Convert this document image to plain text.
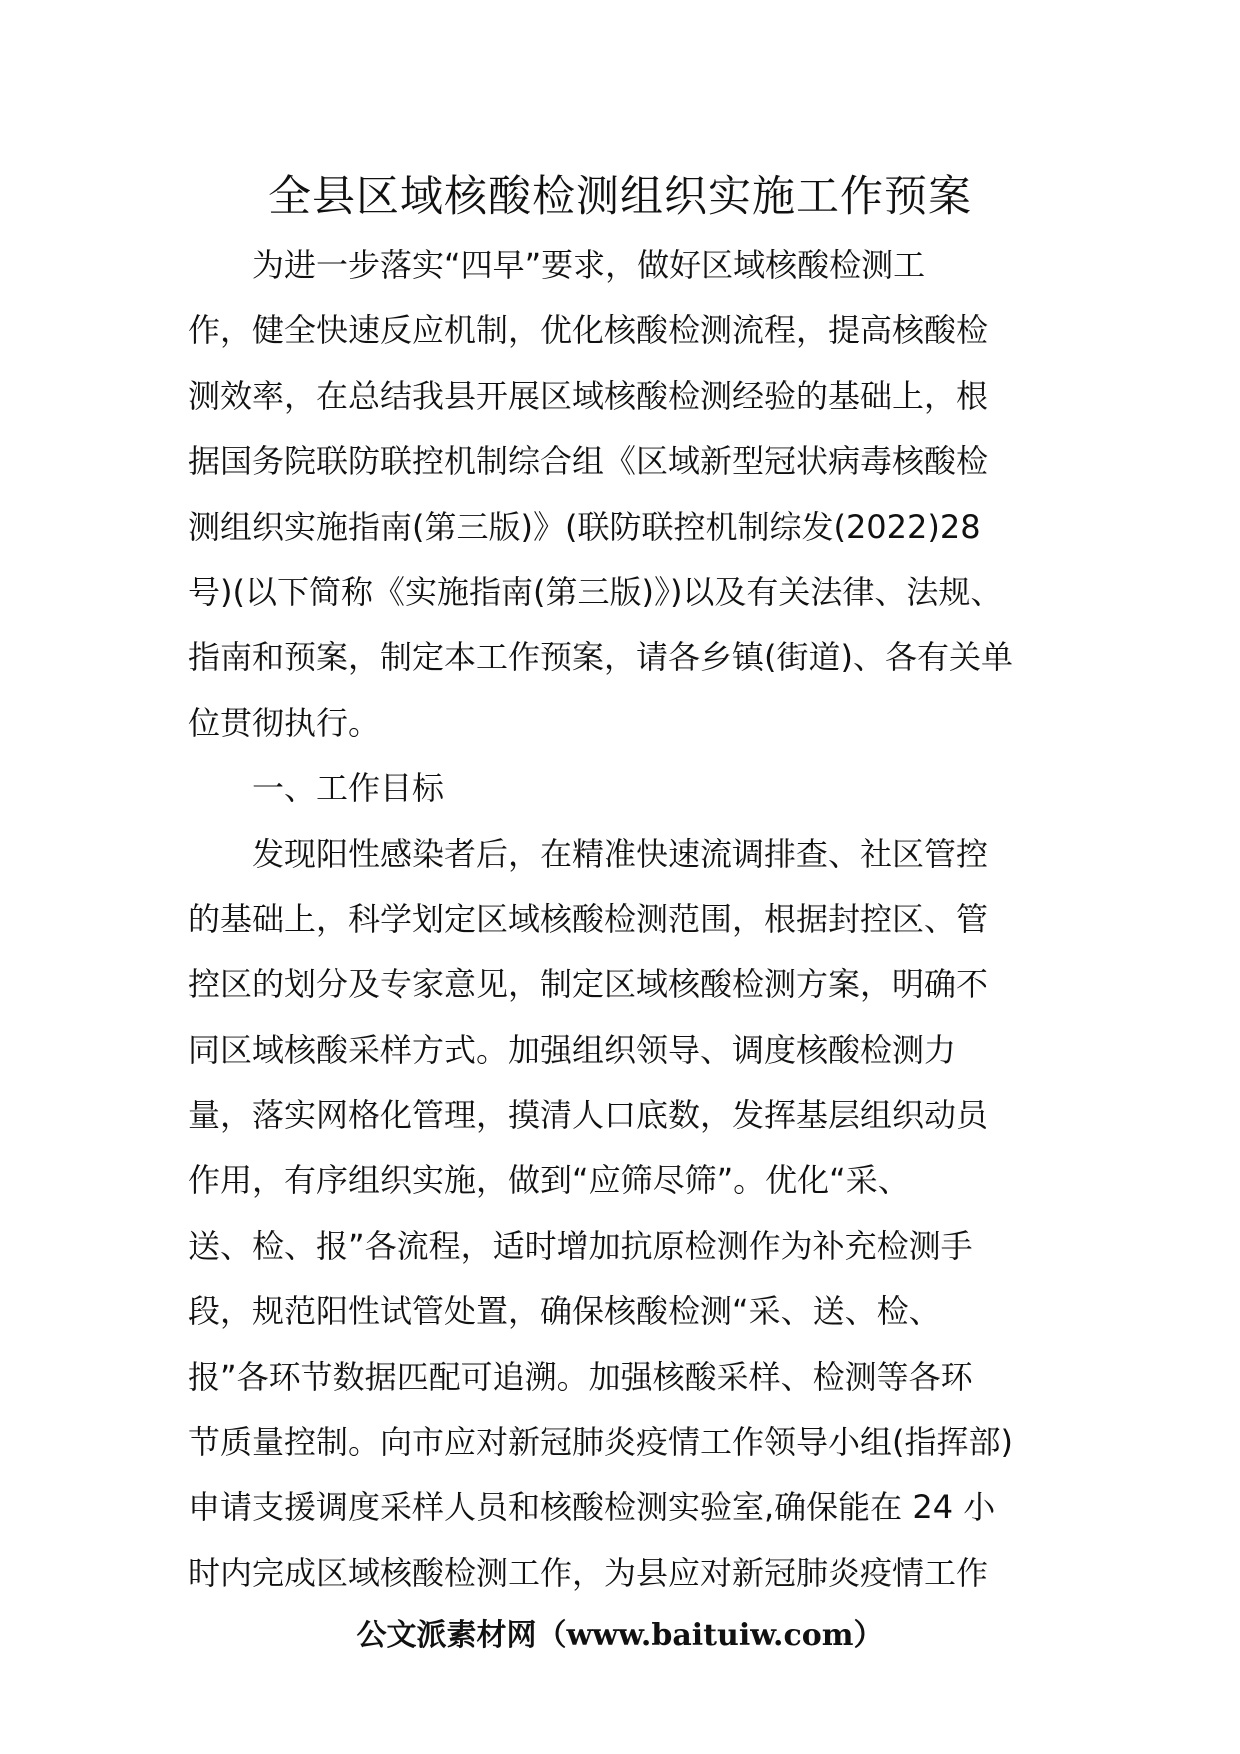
全县区域核酸检测组织实施工作预案
为进一步落实“四早”要求，做好区域核酸检测工
作，健全快速反应机制，优化核酸检测流程，提高核酸检
测效率，在总结我县开展区域核酸检测经验的基础上，根
据国务院联防联控机制综合组《区域新型冠状病毒核酸检
测组织实施指南(第三版)》(联防联控机制综发(2022)28
号)(以下简称《实施指南(第三版)》)以及有关法律、法规、
指南和预案，制定本工作预案，请各乡镇(街道)、各有关单
位贯彻执行。
一、工作目标
发现阳性感染者后，在精准快速流调排查、社区管控
的基础上，科学划定区域核酸检测范围，根据封控区、管
控区的划分及专家意见，制定区域核酸检测方案，明确不
同区域核酸采样方式。加强组织领导、调度核酸检测力
量，落实网格化管理，摸清人口底数，发挥基层组织动员
作用，有序组织实施，做到“应筛尽筛”。优化“采、
送、检、报”各流程，适时增加抗原检测作为补充检测手
段，规范阳性试管处置，确保核酸检测“采、送、检、
报”各环节数据匹配可追溯。加强核酸采样、检测等各环
节质量控制。向市应对新冠肺炎疫情工作领导小组(指挥部)
申请支援调度采样人员和核酸检测实验室,确保能在 24 小
时内完成区域核酸检测工作，为县应对新冠肺炎疫情工作
公文派素材网（www.baituiw.com）
